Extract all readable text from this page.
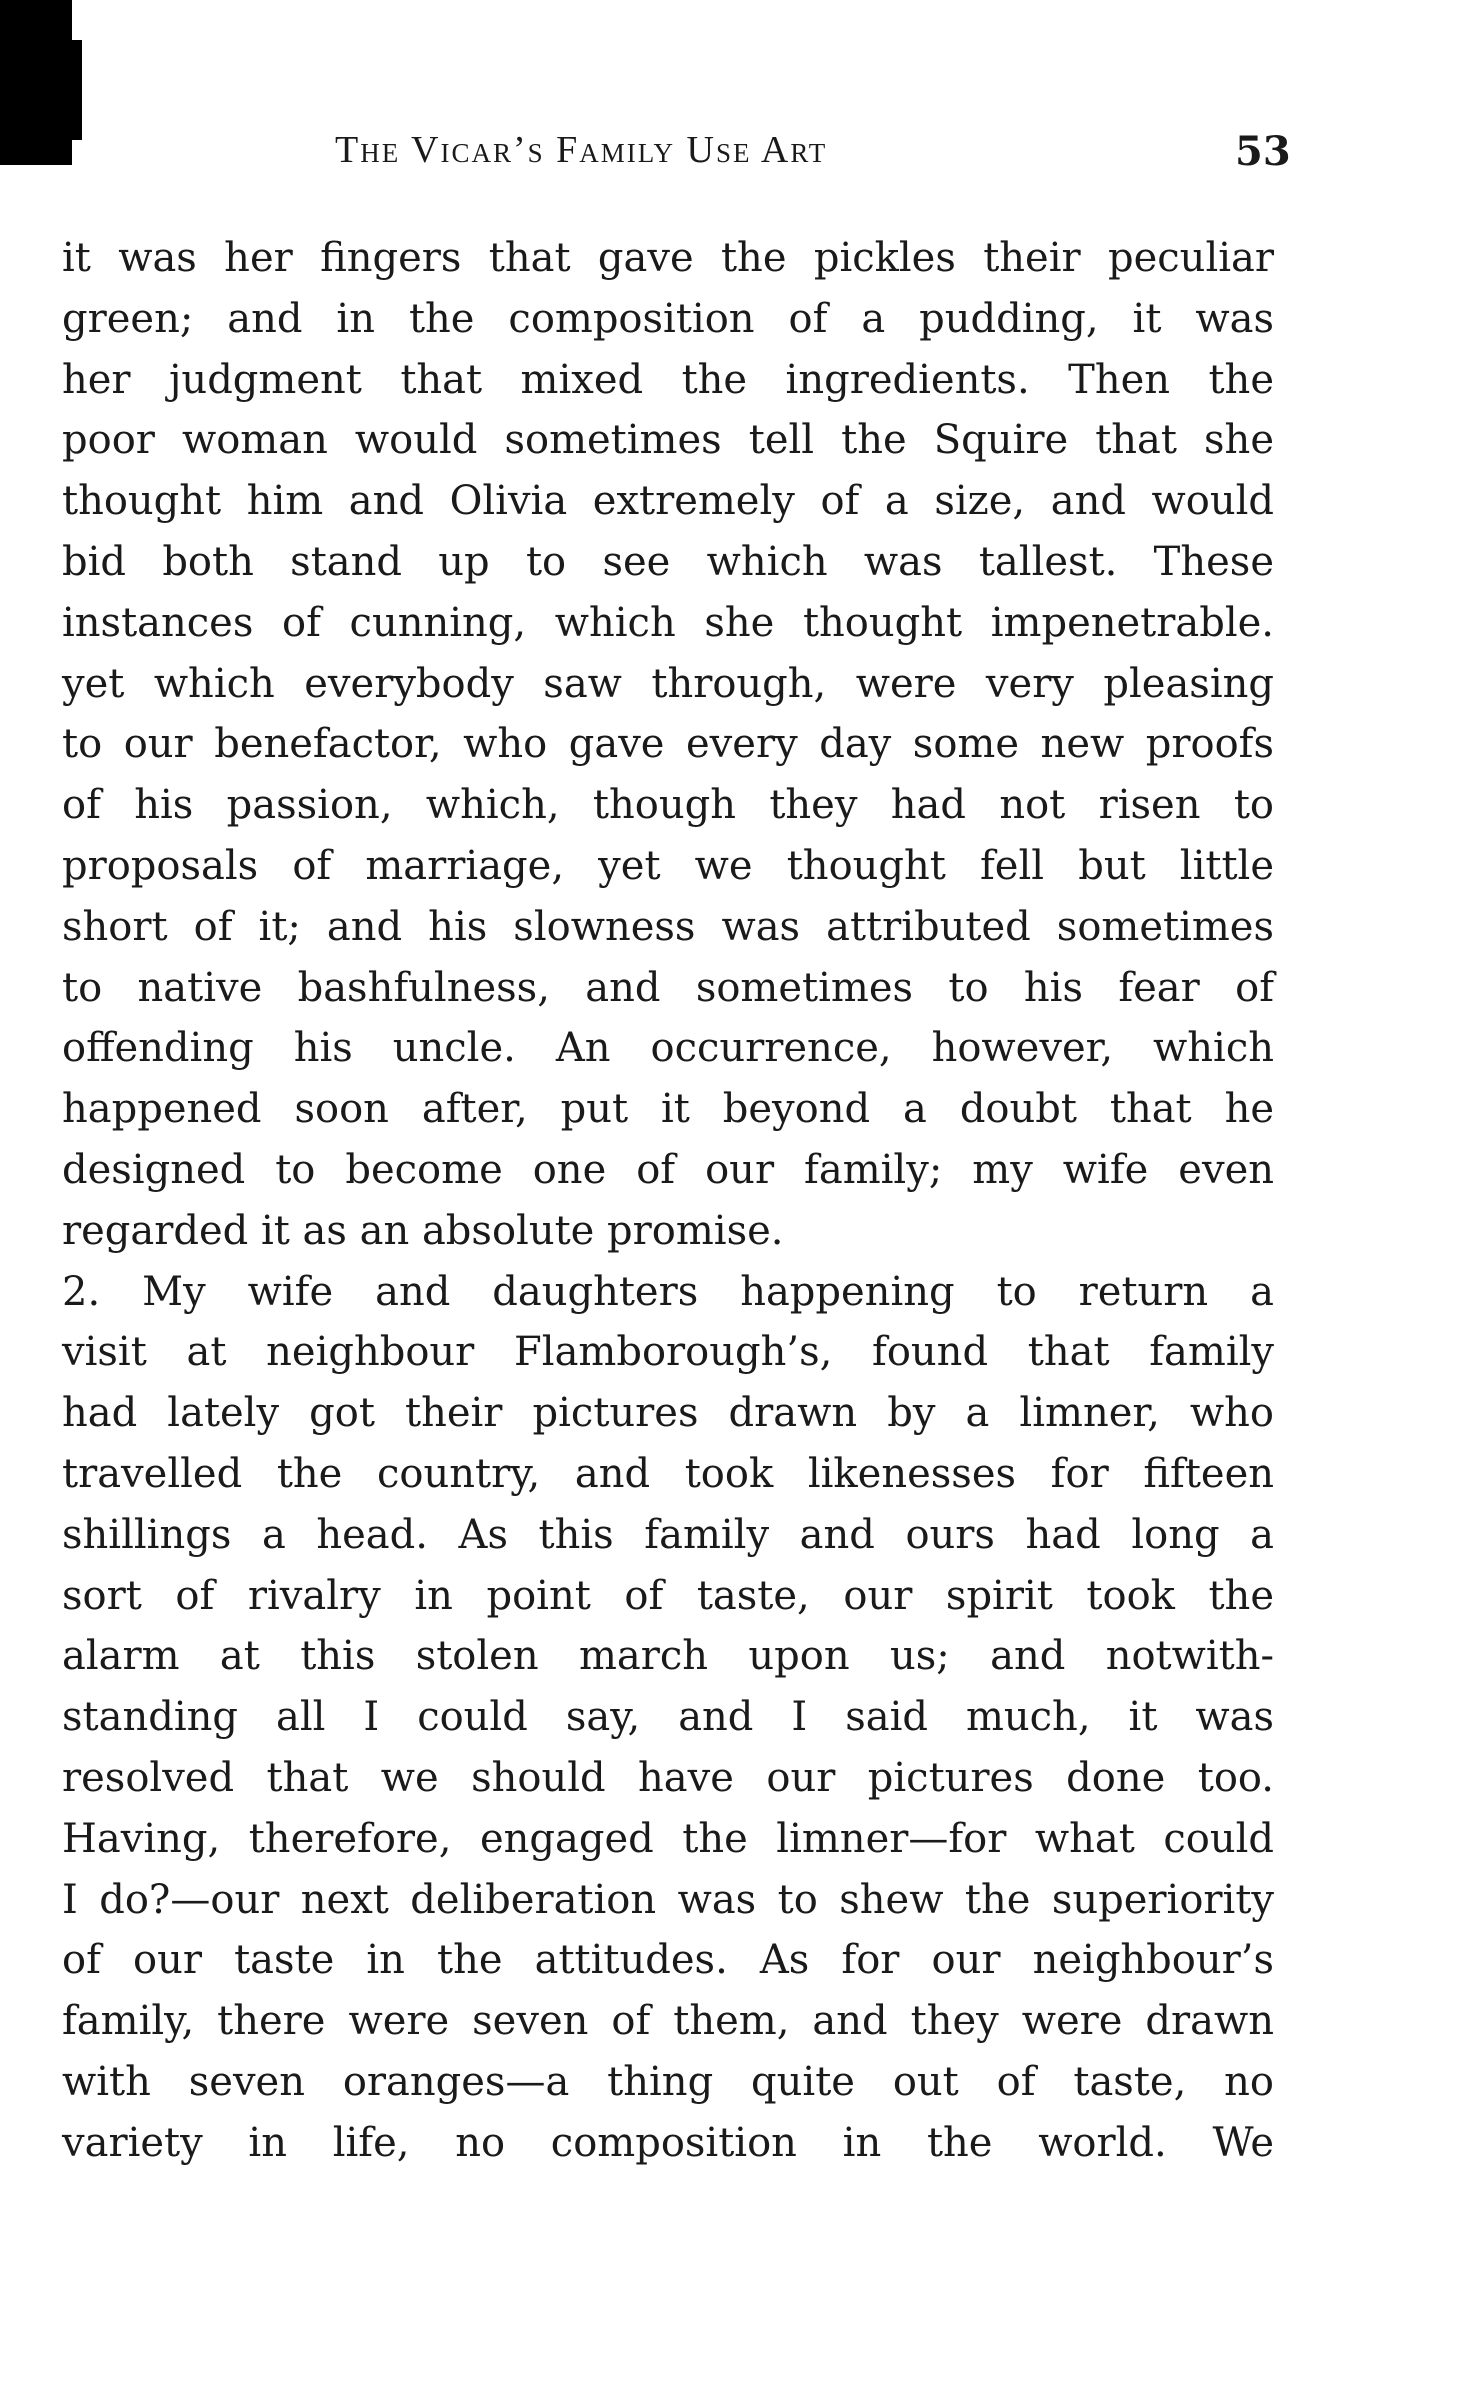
The Vicar’s Family Use Art	53
it was her fingers that gave the pickles their peculiar
green; and in the composition of a pudding, it was
her judgment that mixed the ingredients. Then the
poor woman would sometimes tell the Squire that she
thought him and Olivia extremely of a size, and would
bid both stand up to see which was tallest. These
instances of cunning, which she thought impenetrable.
yet which everybody saw through, were very pleasing
to our benefactor, who gave every day some new proofs
of his passion, which, though they had not risen to
proposals of marriage, yet we thought fell but little
short of it; and his slowness was attributed sometimes
to native bashfulness, and sometimes to his fear of
offending his uncle. An occurrence, however, which
happened soon after, put it beyond a doubt that he
designed to become one of our family; my wife even
regarded it as an absolute promise.
2. My wife and daughters happening to return a
visit at neighbour Flamborough’s, found that family
had lately got their pictures drawn by a limner, who
travelled the country, and took likenesses for fifteen
shillings a head. As this family and ours had long a
sort of rivalry in point of taste, our spirit took the
alarm at this stolen march upon us; and notwith-
standing all I could say, and I said much, it was
resolved that we should have our pictures done too.
Having, therefore, engaged the limner—for what could
I do?—our next deliberation was to shew the superiority
of our taste in the attitudes. As for our neighbour’s
family, there were seven of them, and they were drawn
with seven oranges—a thing quite out of taste, no
variety in life, no composition in the world. We
